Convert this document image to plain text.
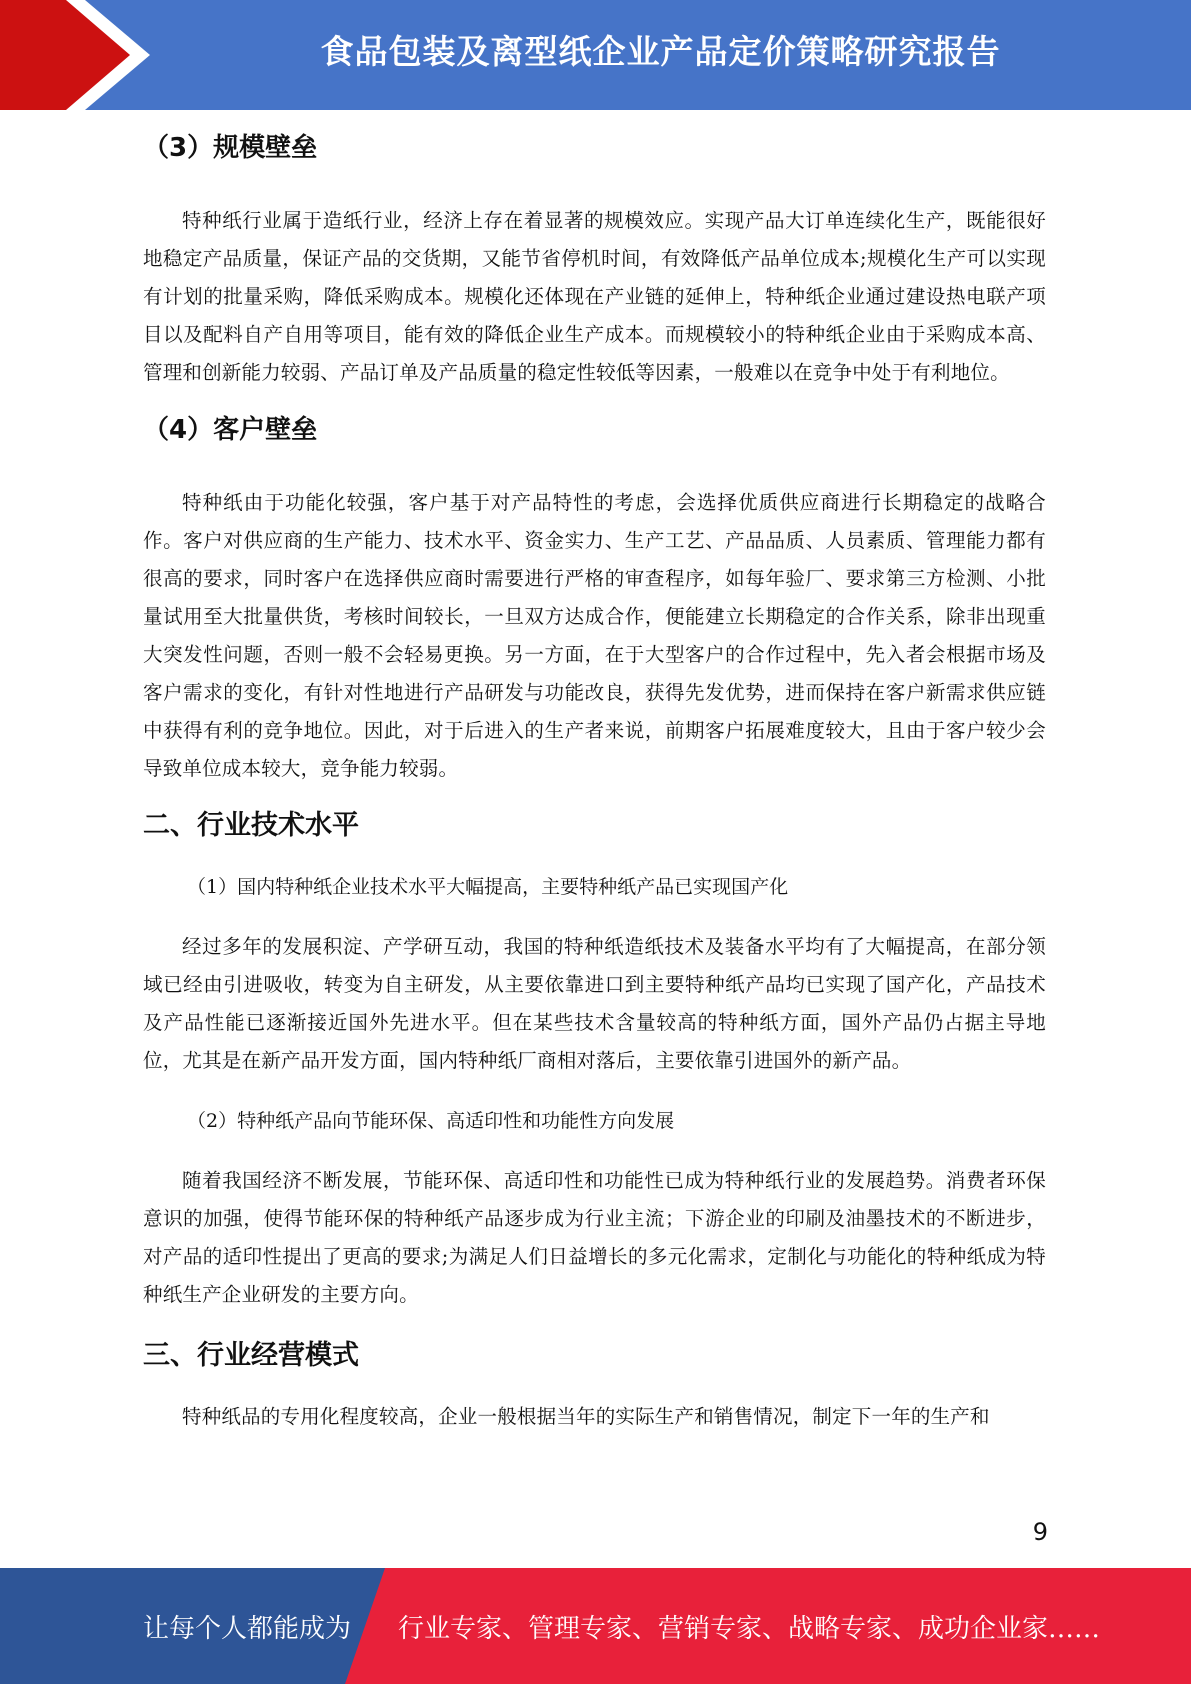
食品包装及离型纸企业产品定价策略研究报告
（3）规模壁垒

特种纸行业属于造纸行业，经济上存在着显著的规模效应。实现产品大订单连续化生产，既能很好地稳定产品质量，保证产品的交货期，又能节省停机时间，有效降低产品单位成本;规模化生产可以实现有计划的批量采购，降低采购成本。规模化还体现在产业链的延伸上，特种纸企业通过建设热电联产项目以及配料自产自用等项目，能有效的降低企业生产成本。而规模较小的特种纸企业由于采购成本高、管理和创新能力较弱、产品订单及产品质量的稳定性较低等因素，一般难以在竞争中处于有利地位。

（4）客户壁垒

特种纸由于功能化较强，客户基于对产品特性的考虑，会选择优质供应商进行长期稳定的战略合作。客户对供应商的生产能力、技术水平、资金实力、生产工艺、产品品质、人员素质、管理能力都有很高的要求，同时客户在选择供应商时需要进行严格的审查程序，如每年验厂、要求第三方检测、小批量试用至大批量供货，考核时间较长，一旦双方达成合作，便能建立长期稳定的合作关系，除非出现重大突发性问题，否则一般不会轻易更换。另一方面，在于大型客户的合作过程中，先入者会根据市场及客户需求的变化，有针对性地进行产品研发与功能改良，获得先发优势，进而保持在客户新需求供应链中获得有利的竞争地位。因此，对于后进入的生产者来说，前期客户拓展难度较大，且由于客户较少会导致单位成本较大，竞争能力较弱。

二、行业技术水平

（1）国内特种纸企业技术水平大幅提高，主要特种纸产品已实现国产化

经过多年的发展积淀、产学研互动，我国的特种纸造纸技术及装备水平均有了大幅提高，在部分领域已经由引进吸收，转变为自主研发，从主要依靠进口到主要特种纸产品均已实现了国产化，产品技术及产品性能已逐渐接近国外先进水平。但在某些技术含量较高的特种纸方面，国外产品仍占据主导地位，尤其是在新产品开发方面，国内特种纸厂商相对落后，主要依靠引进国外的新产品。

（2）特种纸产品向节能环保、高适印性和功能性方向发展

随着我国经济不断发展，节能环保、高适印性和功能性已成为特种纸行业的发展趋势。消费者环保意识的加强，使得节能环保的特种纸产品逐步成为行业主流；下游企业的印刷及油墨技术的不断进步，对产品的适印性提出了更高的要求;为满足人们日益增长的多元化需求，定制化与功能化的特种纸成为特种纸生产企业研发的主要方向。

三、行业经营模式

特种纸品的专用化程度较高，企业一般根据当年的实际生产和销售情况，制定下一年的生产和

9
让每个人都能成为 行业专家、管理专家、营销专家、战略专家、成功企业家……
